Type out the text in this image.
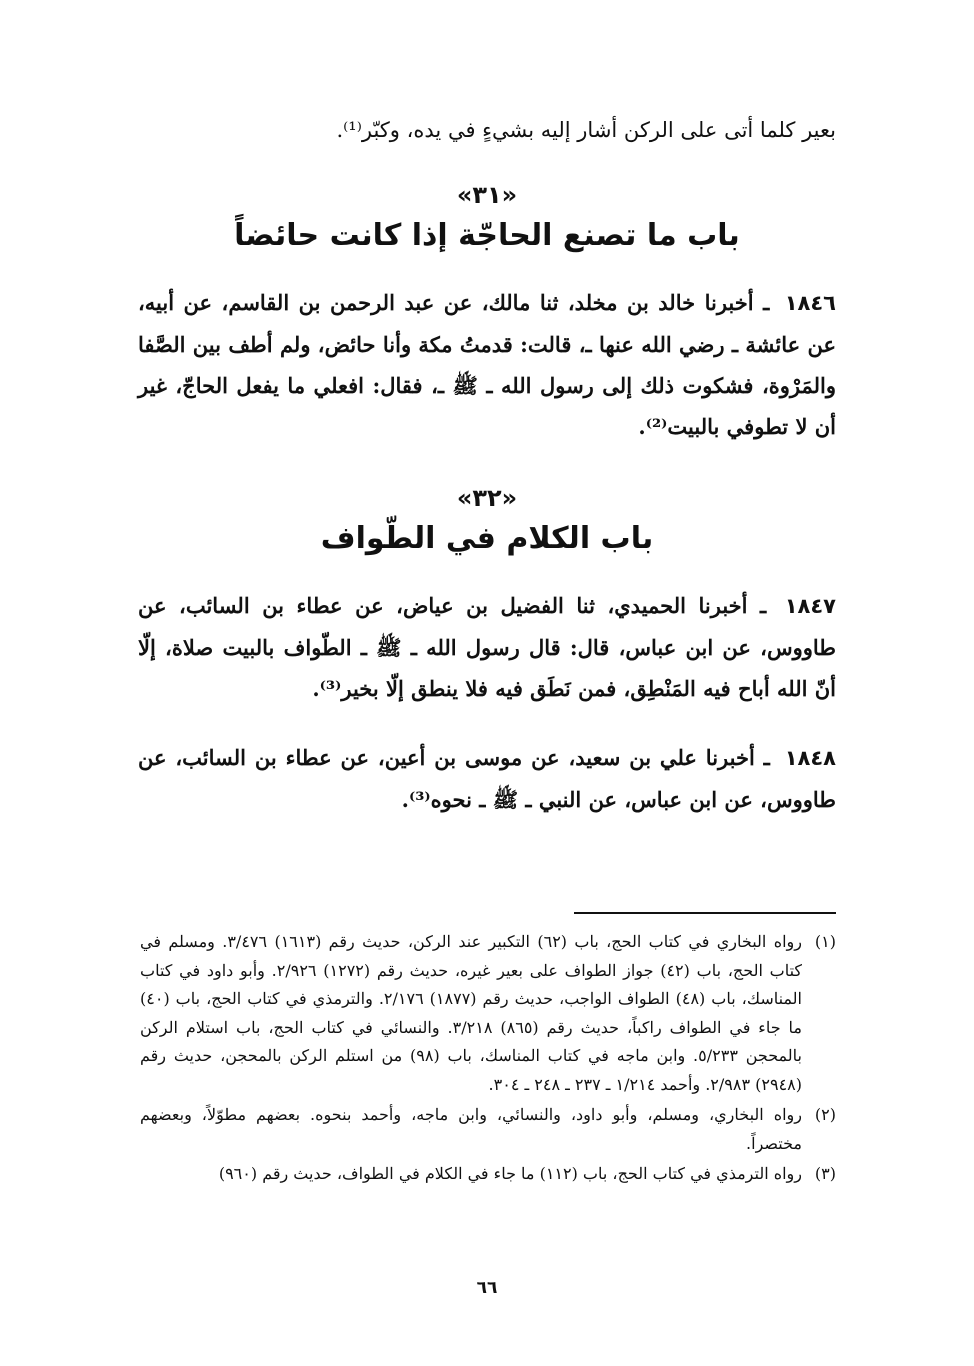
بعير كلما أتى على الركن أشار إليه بشيءٍ في يده، وكبّر⁽¹⁾.

«٣١»

باب ما تصنع الحاجّة إذا كانت حائضاً

١٨٤٦ ـ أخبرنا خالد بن مخلد، ثنا مالك، عن عبد الرحمن بن القاسم، عن أبيه، عن عائشة ـ رضي الله عنها ـ، قالت: قدمتُ مكة وأنا حائض، ولم أطف بين الصَّفا والمَرْوة، فشكوت ذلك إلى رسول الله ـ ﷺ ـ، فقال: افعلي ما يفعل الحاجّ، غير أن لا تطوفي بالبيت⁽²⁾.

«٣٢»

باب الكلام في الطّواف

١٨٤٧ ـ أخبرنا الحميدي، ثنا الفضيل بن عياض، عن عطاء بن السائب، عن طاووس، عن ابن عباس، قال: قال رسول الله ـ ﷺ ـ الطّواف بالبيت صلاة، إلّا أنّ الله أباح فيه المَنْطِق، فمن نَطَق فيه فلا ينطق إلّا بخير⁽³⁾.

١٨٤٨ ـ أخبرنا علي بن سعيد، عن موسى بن أعين، عن عطاء بن السائب، عن طاووس، عن ابن عباس، عن النبي ـ ﷺ ـ نحوه⁽³⁾.

(١)
رواه البخاري في كتاب الحج، باب (٦٢) التكبير عند الركن، حديث رقم (١٦١٣) ٣/٤٧٦. ومسلم في كتاب الحج، باب (٤٢) جواز الطواف على بعير غيره، حديث رقم (١٢٧٢) ٢/٩٢٦. وأبو داود في كتاب المناسك، باب (٤٨) الطواف الواجب، حديث رقم (١٨٧٧) ٢/١٧٦. والترمذي في كتاب الحج، باب (٤٠) ما جاء في الطواف راكباً، حديث رقم (٨٦٥) ٣/٢١٨. والنسائي في كتاب الحج، باب استلام الركن بالمحجن ٥/٢٣٣. وابن ماجه في كتاب المناسك، باب (٩٨) من استلم الركن بالمحجن، حديث رقم (٢٩٤٨) ٢/٩٨٣. وأحمد ١/٢١٤ ـ ٢٣٧ ـ ٢٤٨ ـ ٣٠٤.

(٢)
رواه البخاري، ومسلم، وأبو داود، والنسائي، وابن ماجه، وأحمد بنحوه. بعضهم مطوّلاً، وبعضهم مختصراً.

(٣)
رواه الترمذي في كتاب الحج، باب (١١٢) ما جاء في الكلام في الطواف، حديث رقم (٩٦٠)

٦٦
